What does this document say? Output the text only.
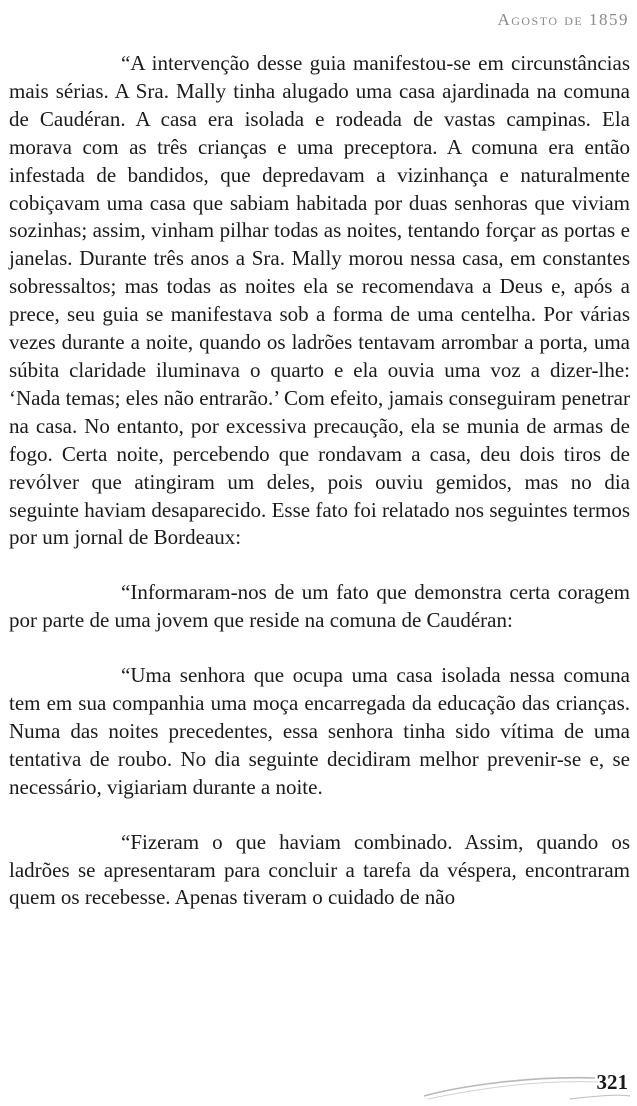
Agosto de 1859

“A intervenção desse guia manifestou-se em circunstâncias mais sérias. A Sra. Mally tinha alugado uma casa ajardinada na comuna de Caudéran. A casa era isolada e rodeada de vastas campinas. Ela morava com as três crianças e uma preceptora. A comuna era então infestada de bandidos, que depredavam a vizinhança e naturalmente cobiçavam uma casa que sabiam habitada por duas senhoras que viviam sozinhas; assim, vinham pilhar todas as noites, tentando forçar as portas e janelas. Durante três anos a Sra. Mally morou nessa casa, em constantes sobressaltos; mas todas as noites ela se recomendava a Deus e, após a prece, seu guia se manifestava sob a forma de uma centelha. Por várias vezes durante a noite, quando os ladrões tentavam arrombar a porta, uma súbita claridade iluminava o quarto e ela ouvia uma voz a dizer-lhe: ‘Nada temas; eles não entrarão.’ Com efeito, jamais conseguiram penetrar na casa. No entanto, por excessiva precaução, ela se munia de armas de fogo. Certa noite, percebendo que rondavam a casa, deu dois tiros de revólver que atingiram um deles, pois ouviu gemidos, mas no dia seguinte haviam desaparecido. Esse fato foi relatado nos seguintes termos por um jornal de Bordeaux:

“Informaram-nos de um fato que demonstra certa coragem por parte de uma jovem que reside na comuna de Caudéran:

“Uma senhora que ocupa uma casa isolada nessa comuna tem em sua companhia uma moça encarregada da educação das crianças. Numa das noites precedentes, essa senhora tinha sido vítima de uma tentativa de roubo. No dia seguinte decidiram melhor prevenir-se e, se necessário, vigiariam durante a noite.

“Fizeram o que haviam combinado. Assim, quando os ladrões se apresentaram para concluir a tarefa da véspera, encontraram quem os recebesse. Apenas tiveram o cuidado de não

321
